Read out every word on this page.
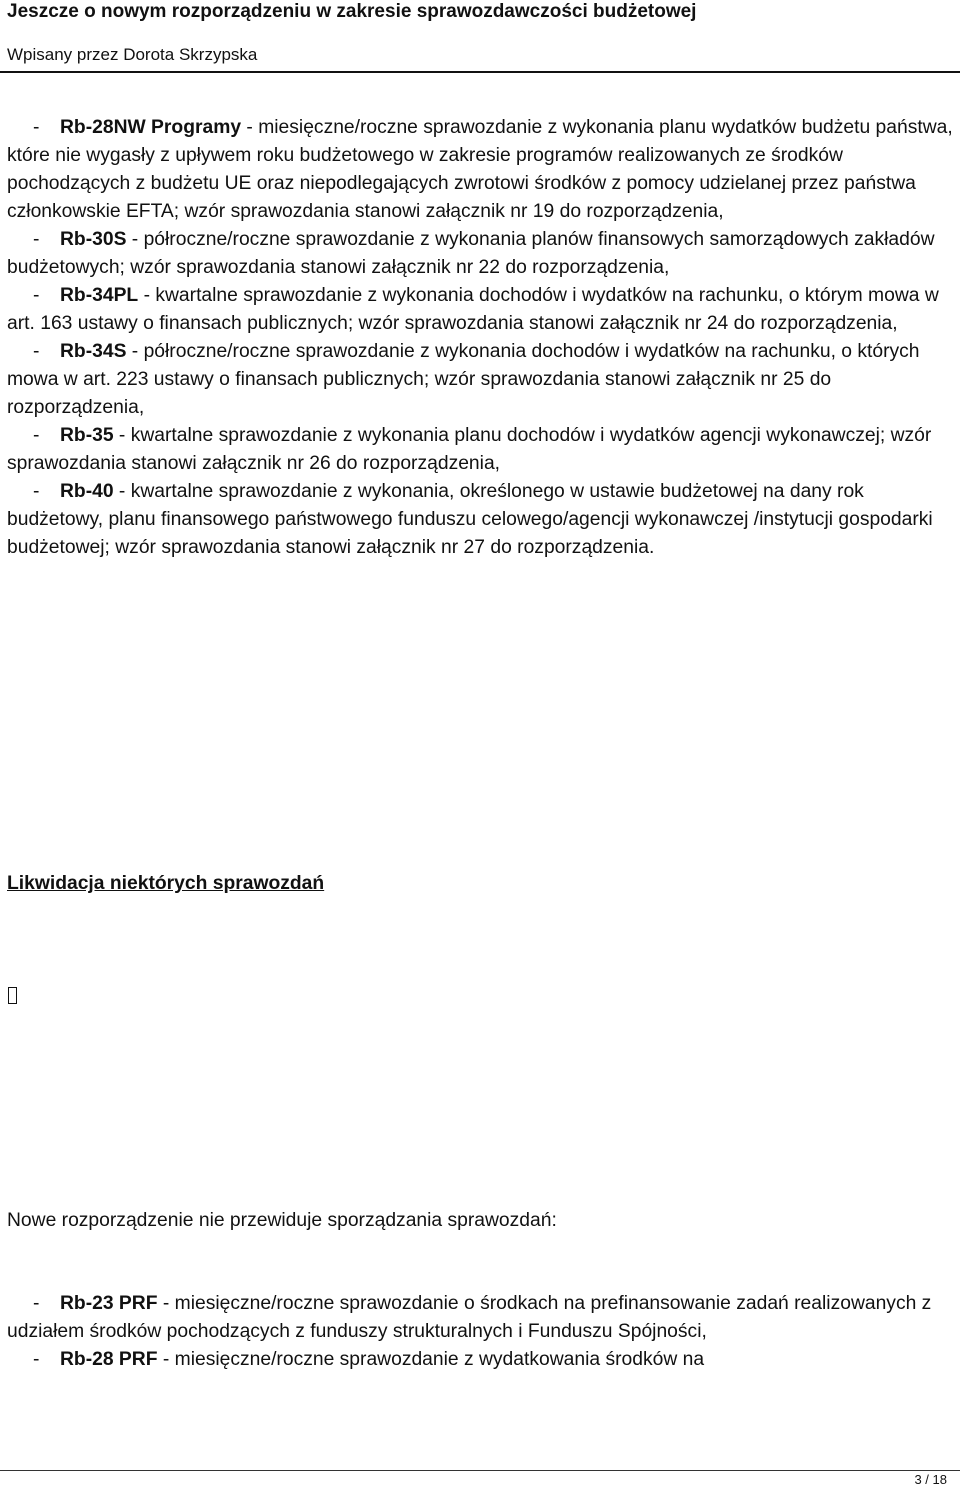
Jeszcze o nowym rozporządzeniu w zakresie sprawozdawczości budżetowej
Wpisany przez Dorota Skrzypska

- Rb-28NW Programy - miesięczne/roczne sprawozdanie z wykonania planu wydatków budżetu państwa, które nie wygasły z upływem roku budżetowego w zakresie programów realizowanych ze środków pochodzących z budżetu UE oraz niepodlegających zwrotowi środków z pomocy udzielanej przez państwa członkowskie EFTA; wzór sprawozdania stanowi załącznik nr 19 do rozporządzenia,

- Rb-30S - półroczne/roczne sprawozdanie z wykonania planów finansowych samorządowych zakładów budżetowych; wzór sprawozdania stanowi załącznik nr 22 do rozporządzenia,

- Rb-34PL - kwartalne sprawozdanie z wykonania dochodów i wydatków na rachunku, o którym mowa w art. 163 ustawy o finansach publicznych; wzór sprawozdania stanowi załącznik nr 24 do rozporządzenia,

- Rb-34S - półroczne/roczne sprawozdanie z wykonania dochodów i wydatków na rachunku, o których mowa w art. 223 ustawy o finansach publicznych; wzór sprawozdania stanowi załącznik nr 25 do rozporządzenia,

- Rb-35 - kwartalne sprawozdanie z wykonania planu dochodów i wydatków agencji wykonawczej; wzór sprawozdania stanowi załącznik nr 26 do rozporządzenia,

- Rb-40 - kwartalne sprawozdanie z wykonania, określonego w ustawie budżetowej na dany rok budżetowy, planu finansowego państwowego funduszu celowego/agencji wykonawczej /instytucji gospodarki budżetowej; wzór sprawozdania stanowi załącznik nr 27 do rozporządzenia.

Likwidacja niektórych sprawozdań
Nowe rozporządzenie nie przewiduje sporządzania sprawozdań:

- Rb-23 PRF - miesięczne/roczne sprawozdanie o środkach na prefinansowanie zadań realizowanych z udziałem środków pochodzących z funduszy strukturalnych i Funduszu Spójności,

- Rb-28 PRF - miesięczne/roczne sprawozdanie z wydatkowania środków na

3 / 18
